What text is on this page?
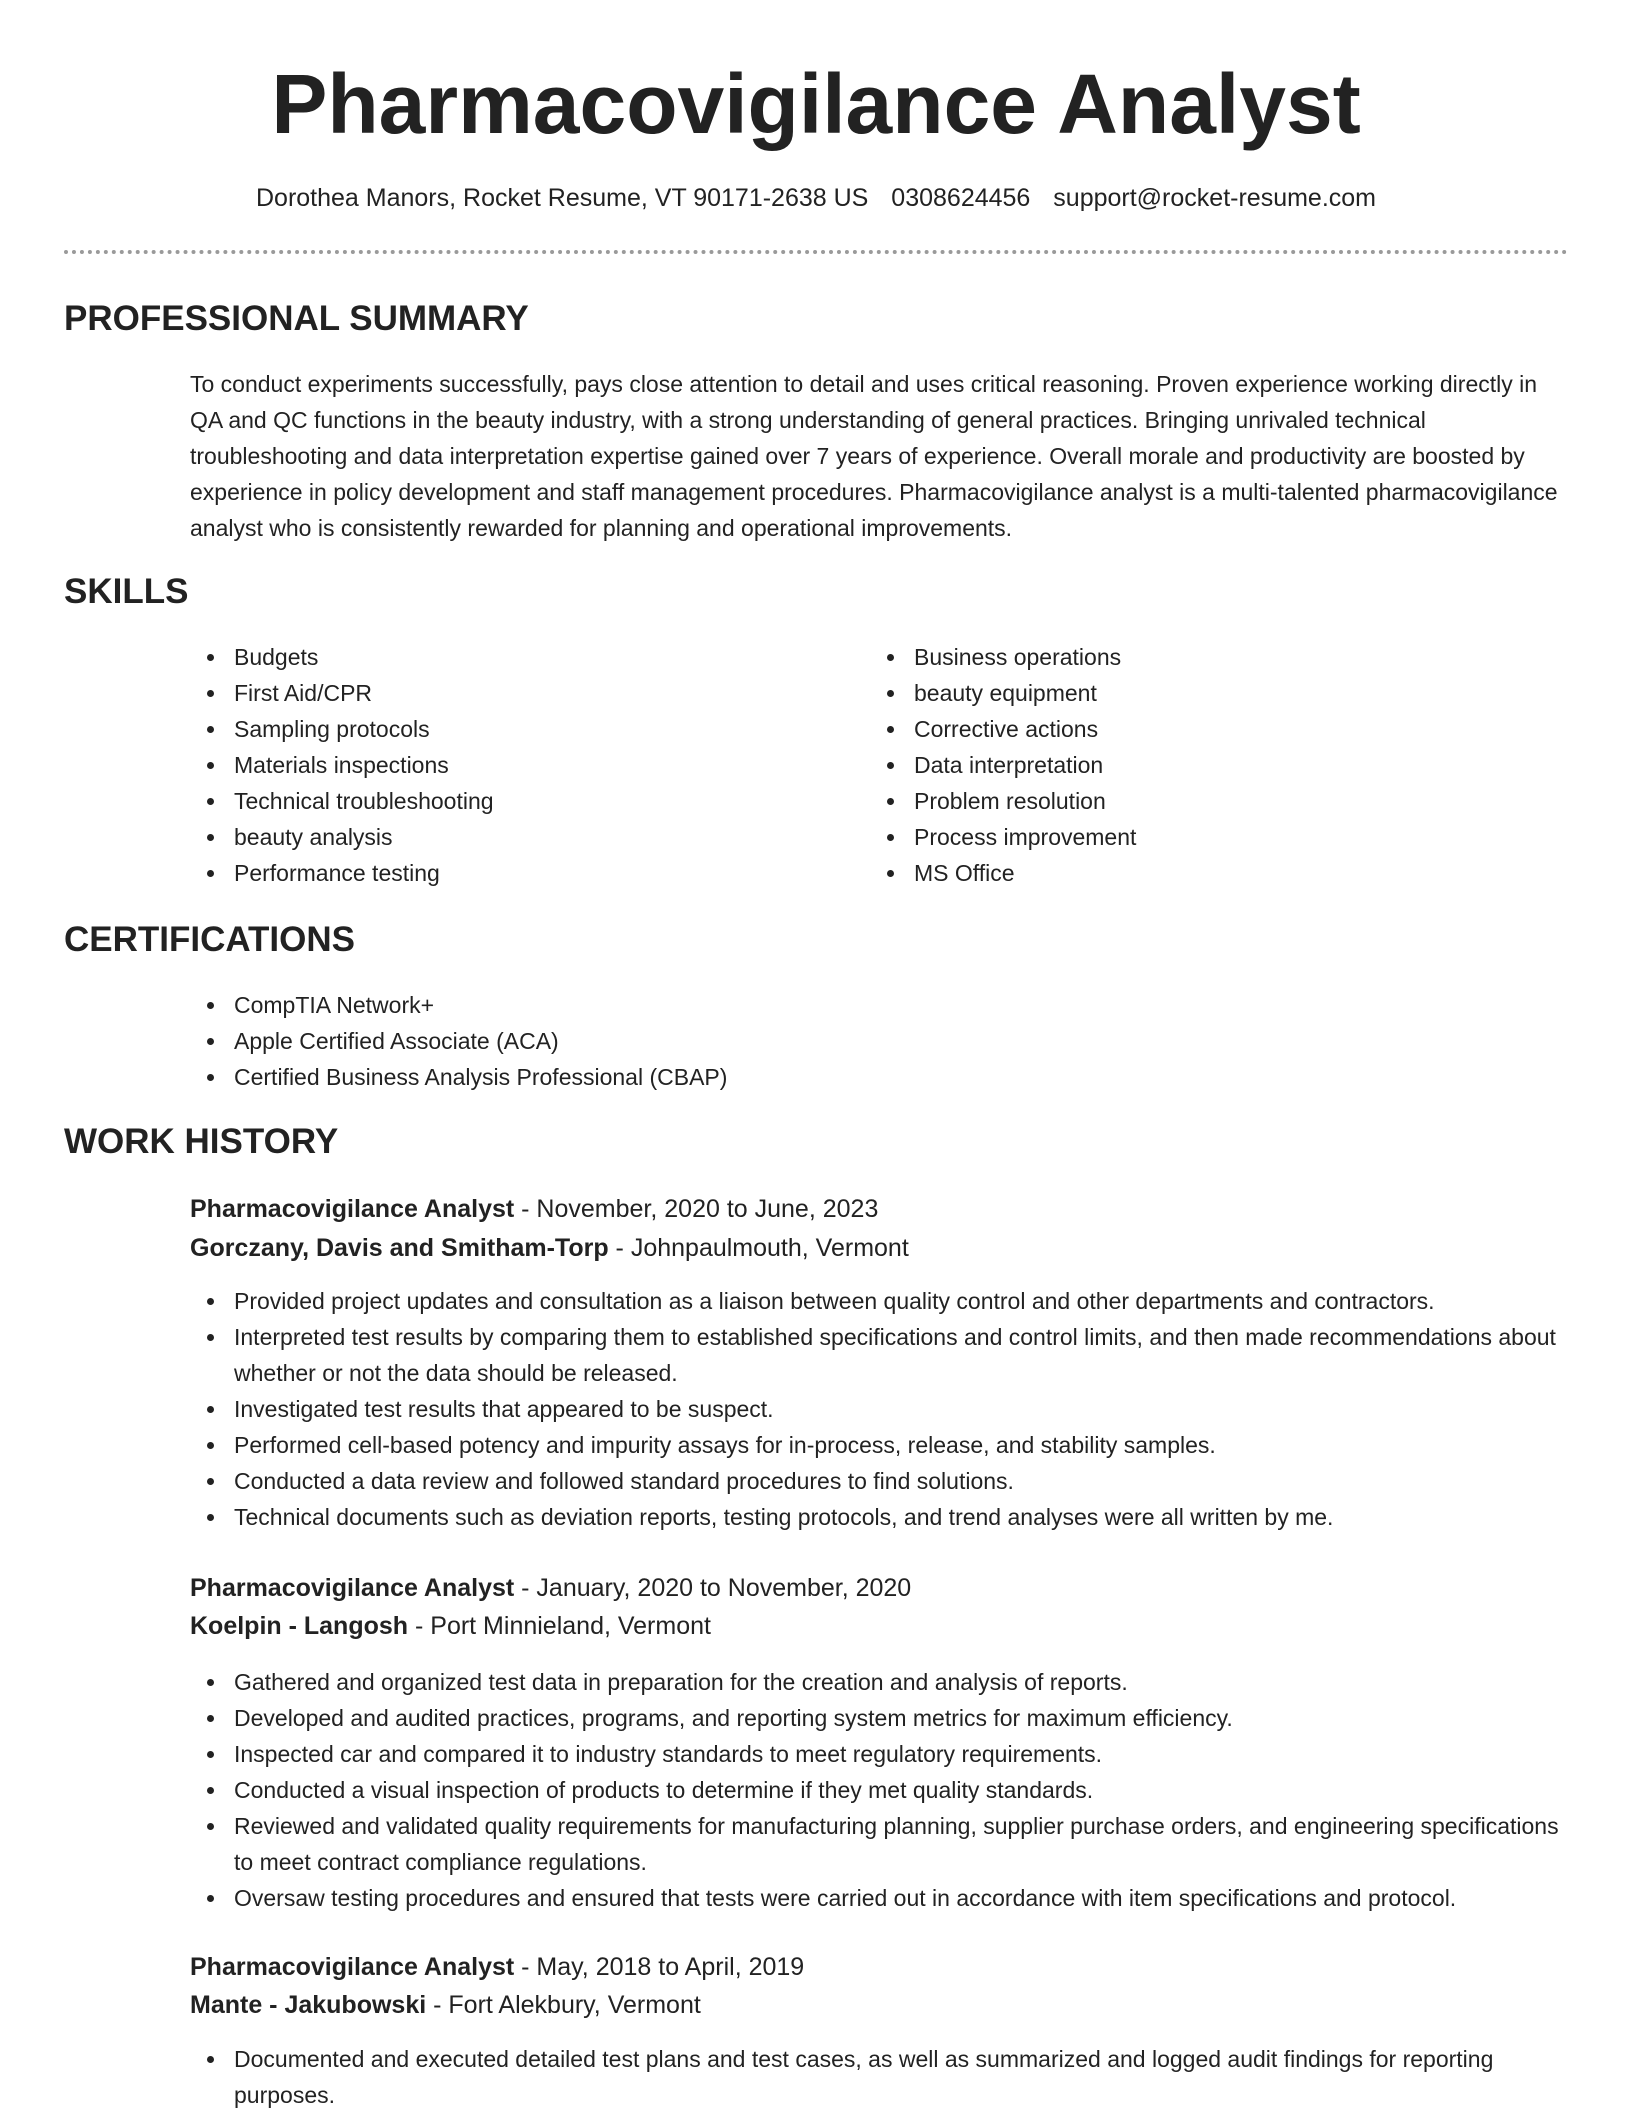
Pharmacovigilance Analyst
Dorothea Manors, Rocket Resume, VT 90171-2638 US 0308624456 support@rocket-resume.com
PROFESSIONAL SUMMARY

To conduct experiments successfully, pays close attention to detail and uses critical reasoning. Proven experience working directly in QA and QC functions in the beauty industry, with a strong understanding of general practices. Bringing unrivaled technical troubleshooting and data interpretation expertise gained over 7 years of experience. Overall morale and productivity are boosted by experience in policy development and staff management procedures. Pharmacovigilance analyst is a multi-talented pharmacovigilance analyst who is consistently rewarded for planning and operational improvements.

SKILLS
Budgets
First Aid/CPR
Sampling protocols
Materials inspections
Technical troubleshooting
beauty analysis
Performance testing
Business operations
beauty equipment
Corrective actions
Data interpretation
Problem resolution
Process improvement
MS Office
CERTIFICATIONS
CompTIA Network+
Apple Certified Associate (ACA)
Certified Business Analysis Professional (CBAP)
WORK HISTORY
Pharmacovigilance Analyst - November, 2020 to June, 2023
Gorczany, Davis and Smitham-Torp - Johnpaulmouth, Vermont
Provided project updates and consultation as a liaison between quality control and other departments and contractors.
Interpreted test results by comparing them to established specifications and control limits, and then made recommendations about whether or not the data should be released.
Investigated test results that appeared to be suspect.
Performed cell-based potency and impurity assays for in-process, release, and stability samples.
Conducted a data review and followed standard procedures to find solutions.
Technical documents such as deviation reports, testing protocols, and trend analyses were all written by me.
Pharmacovigilance Analyst - January, 2020 to November, 2020
Koelpin - Langosh - Port Minnieland, Vermont
Gathered and organized test data in preparation for the creation and analysis of reports.
Developed and audited practices, programs, and reporting system metrics for maximum efficiency.
Inspected car and compared it to industry standards to meet regulatory requirements.
Conducted a visual inspection of products to determine if they met quality standards.
Reviewed and validated quality requirements for manufacturing planning, supplier purchase orders, and engineering specifications to meet contract compliance regulations.
Oversaw testing procedures and ensured that tests were carried out in accordance with item specifications and protocol.
Pharmacovigilance Analyst - May, 2018 to April, 2019
Mante - Jakubowski - Fort Alekbury, Vermont
Documented and executed detailed test plans and test cases, as well as summarized and logged audit findings for reporting purposes.
